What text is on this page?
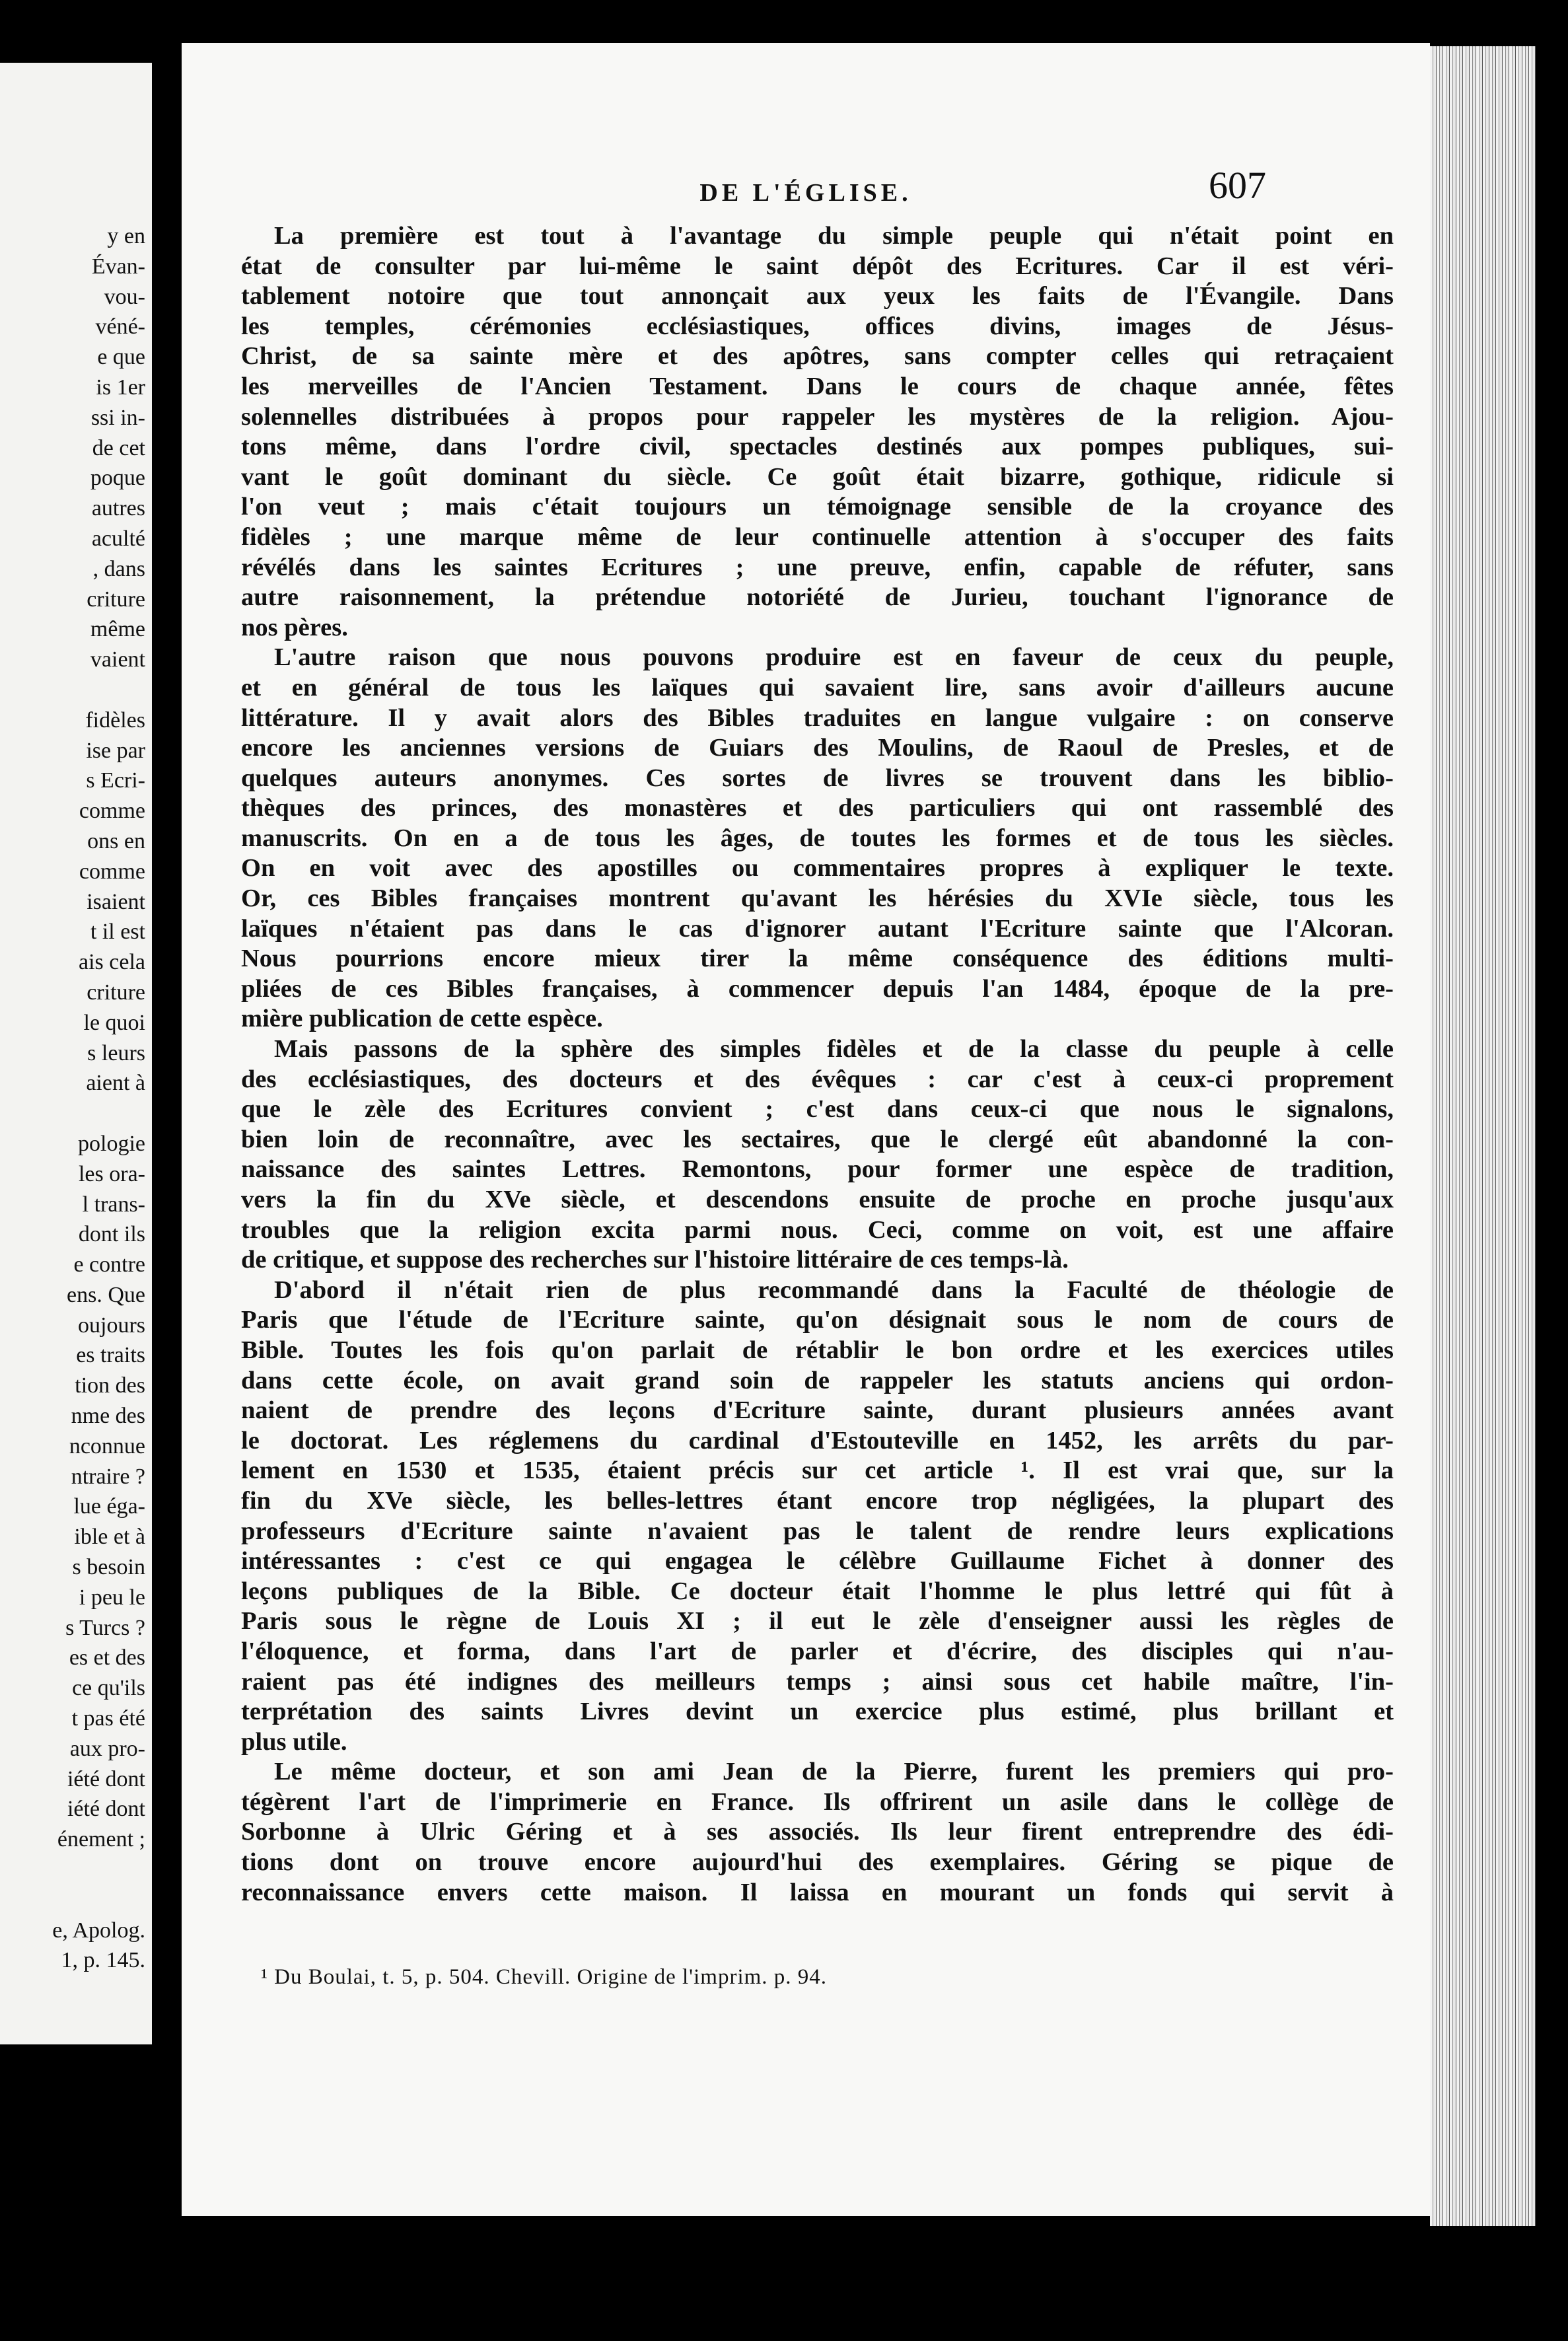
y en
Évan-
vou-
véné-
e que
is 1er
ssi in-
de cet
poque
autres
aculté
, dans
criture
même
vaient

fidèles
ise par
s Ecri-
comme
ons en
comme
isaient
t il est
ais cela
criture
le quoi
s leurs
aient à

pologie
les ora-
l trans-
dont ils
e contre
ens. Que
oujours
es traits
tion des
nme des
nconnue
ntraire ?
lue éga-
ible et à
s besoin
i peu le
s Turcs ?
es et des
ce qu'ils
t pas été
aux pro-
iété dont
iété dont
énement ;

e, Apolog.
1, p. 145.
DE L'ÉGLISE.	607
La première est tout à l'avantage du simple peuple qui n'était point en
état de consulter par lui-même le saint dépôt des Ecritures. Car il est véri-
tablement notoire que tout annonçait aux yeux les faits de l'Évangile. Dans
les temples, cérémonies ecclésiastiques, offices divins, images de Jésus-
Christ, de sa sainte mère et des apôtres, sans compter celles qui retraçaient
les merveilles de l'Ancien Testament. Dans le cours de chaque année, fêtes
solennelles distribuées à propos pour rappeler les mystères de la religion. Ajou-
tons même, dans l'ordre civil, spectacles destinés aux pompes publiques, sui-
vant le goût dominant du siècle. Ce goût était bizarre, gothique, ridicule si
l'on veut ; mais c'était toujours un témoignage sensible de la croyance des
fidèles ; une marque même de leur continuelle attention à s'occuper des faits
révélés dans les saintes Ecritures ; une preuve, enfin, capable de réfuter, sans
autre raisonnement, la prétendue notoriété de Jurieu, touchant l'ignorance de
nos pères.
L'autre raison que nous pouvons produire est en faveur de ceux du peuple,
et en général de tous les laïques qui savaient lire, sans avoir d'ailleurs aucune
littérature. Il y avait alors des Bibles traduites en langue vulgaire : on conserve
encore les anciennes versions de Guiars des Moulins, de Raoul de Presles, et de
quelques auteurs anonymes. Ces sortes de livres se trouvent dans les biblio-
thèques des princes, des monastères et des particuliers qui ont rassemblé des
manuscrits. On en a de tous les âges, de toutes les formes et de tous les siècles.
On en voit avec des apostilles ou commentaires propres à expliquer le texte.
Or, ces Bibles françaises montrent qu'avant les hérésies du XVIe siècle, tous les
laïques n'étaient pas dans le cas d'ignorer autant l'Ecriture sainte que l'Alcoran.
Nous pourrions encore mieux tirer la même conséquence des éditions multi-
pliées de ces Bibles françaises, à commencer depuis l'an 1484, époque de la pre-
mière publication de cette espèce.
Mais passons de la sphère des simples fidèles et de la classe du peuple à celle
des ecclésiastiques, des docteurs et des évêques : car c'est à ceux-ci proprement
que le zèle des Ecritures convient ; c'est dans ceux-ci que nous le signalons,
bien loin de reconnaître, avec les sectaires, que le clergé eût abandonné la con-
naissance des saintes Lettres. Remontons, pour former une espèce de tradition,
vers la fin du XVe siècle, et descendons ensuite de proche en proche jusqu'aux
troubles que la religion excita parmi nous. Ceci, comme on voit, est une affaire
de critique, et suppose des recherches sur l'histoire littéraire de ces temps-là.
D'abord il n'était rien de plus recommandé dans la Faculté de théologie de
Paris que l'étude de l'Ecriture sainte, qu'on désignait sous le nom de cours de
Bible. Toutes les fois qu'on parlait de rétablir le bon ordre et les exercices utiles
dans cette école, on avait grand soin de rappeler les statuts anciens qui ordon-
naient de prendre des leçons d'Ecriture sainte, durant plusieurs années avant
le doctorat. Les réglemens du cardinal d'Estouteville en 1452, les arrêts du par-
lement en 1530 et 1535, étaient précis sur cet article ¹. Il est vrai que, sur la
fin du XVe siècle, les belles-lettres étant encore trop négligées, la plupart des
professeurs d'Ecriture sainte n'avaient pas le talent de rendre leurs explications
intéressantes : c'est ce qui engagea le célèbre Guillaume Fichet à donner des
leçons publiques de la Bible. Ce docteur était l'homme le plus lettré qui fût à
Paris sous le règne de Louis XI ; il eut le zèle d'enseigner aussi les règles de
l'éloquence, et forma, dans l'art de parler et d'écrire, des disciples qui n'au-
raient pas été indignes des meilleurs temps ; ainsi sous cet habile maître, l'in-
terprétation des saints Livres devint un exercice plus estimé, plus brillant et
plus utile.
Le même docteur, et son ami Jean de la Pierre, furent les premiers qui pro-
tégèrent l'art de l'imprimerie en France. Ils offrirent un asile dans le collège de
Sorbonne à Ulric Géring et à ses associés. Ils leur firent entreprendre des édi-
tions dont on trouve encore aujourd'hui des exemplaires. Géring se pique de
reconnaissance envers cette maison. Il laissa en mourant un fonds qui servit à
¹ Du Boulai, t. 5, p. 504. Chevill. Origine de l'imprim. p. 94.
